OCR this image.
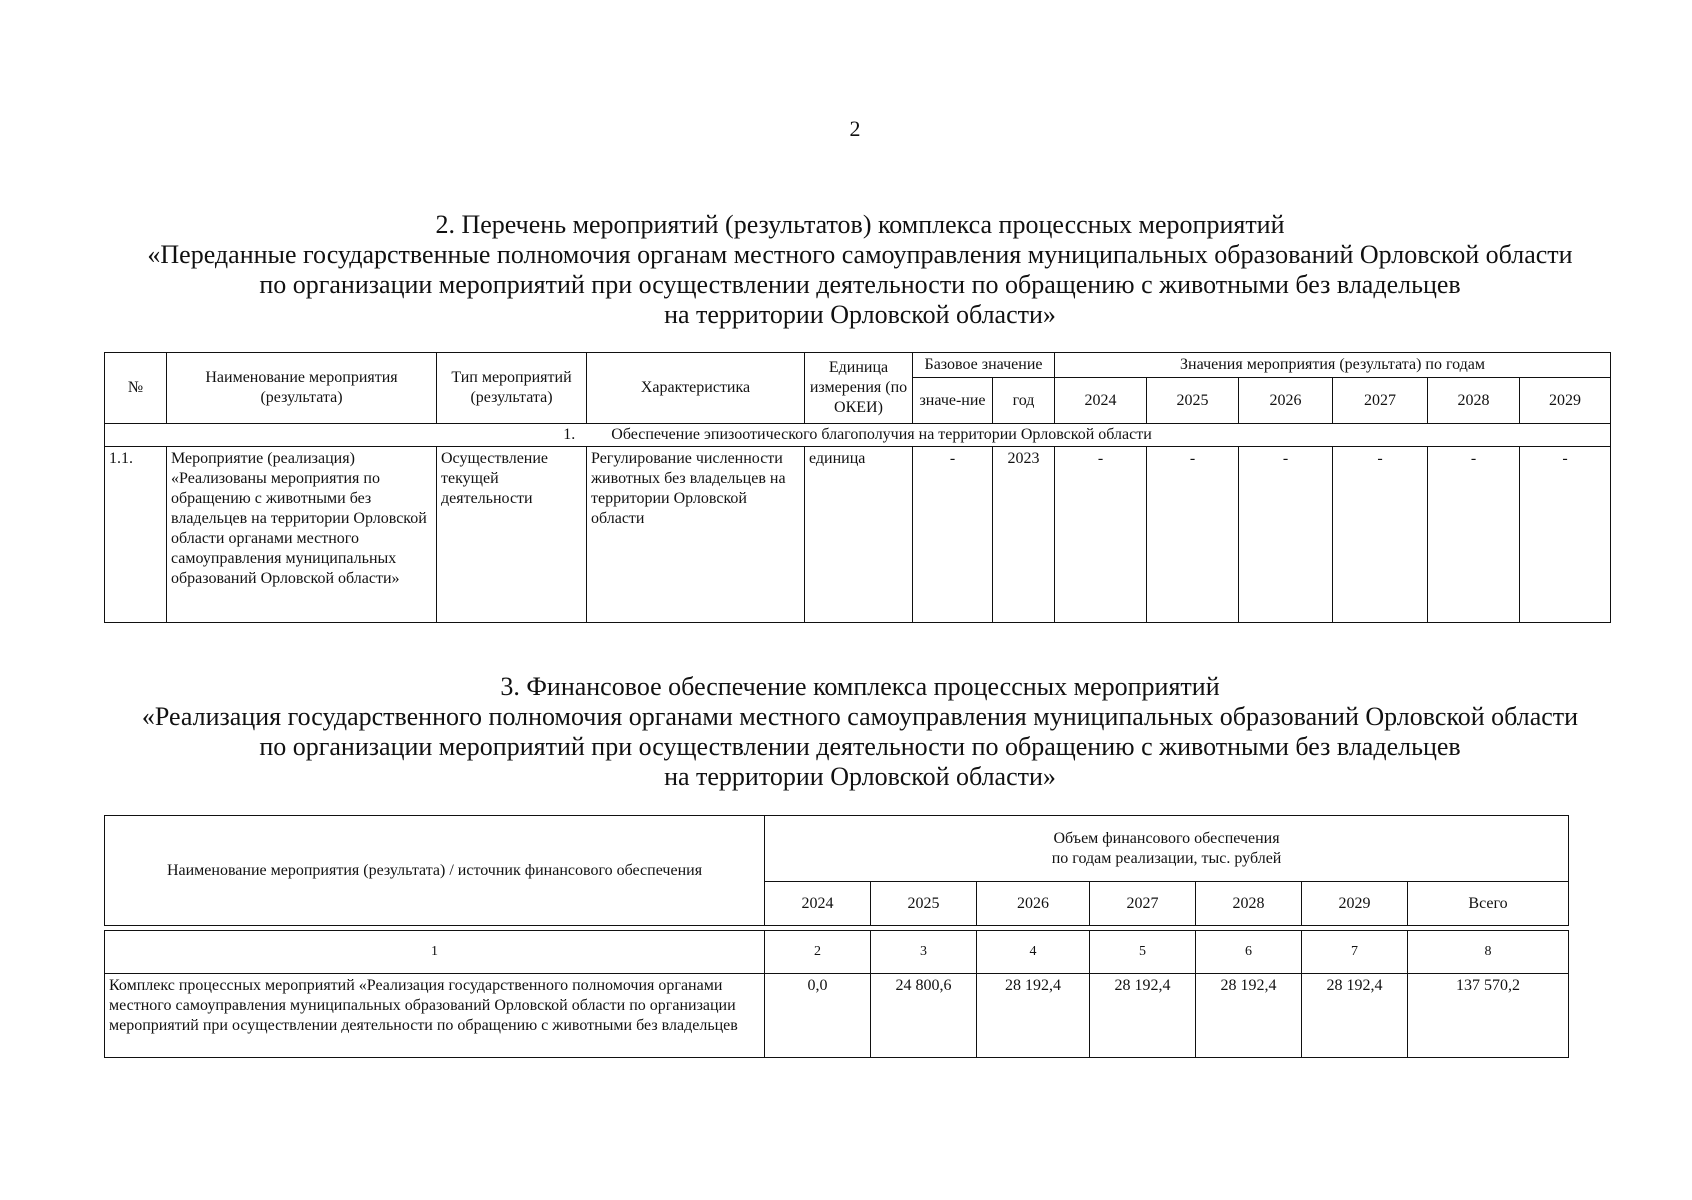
2
2. Перечень мероприятий (результатов) комплекса процессных мероприятий
«Переданные государственные полномочия органам местного самоуправления муниципальных образований Орловской области
по организации мероприятий при осуществлении деятельности по обращению с животными без владельцев
на территории Орловской области»
№	Наименование мероприятия (результата)	Тип мероприятий (результата)	Характеристика	Единица измерения (по ОКЕИ)	Базовое значение		Значения мероприятия (результата) по годам					
					значе-ние	год	2024	2025	2026	2027	2028	2029
1. Обеспечение эпизоотического благополучия на территории Орловской области												
1.1.	Мероприятие (реализация) «Реализованы мероприятия по обращению с животными без владельцев на территории Орловской области органами местного самоуправления муниципальных образований Орловской области»	Осуществление текущей деятельности	Регулирование численности животных без владельцев на территории Орловской области	единица	-	2023	-	-	-	-	-	-
3. Финансовое обеспечение комплекса процессных мероприятий
«Реализация государственного полномочия органами местного самоуправления муниципальных образований Орловской области
по организации мероприятий при осуществлении деятельности по обращению с животными без владельцев
на территории Орловской области»
Наименование мероприятия (результата) / источник финансового обеспечения	Объем финансового обеспечения
по годам реализации, тыс. рублей						

	2024	2025	2026	2027	2028	2029	Всего

1	2	3	4	5	6	7	8
Комплекс процессных мероприятий «Реализация государственного полномочия органами местного самоуправления муниципальных образований Орловской области по организации мероприятий при осуществлении деятельности по обращению с животными без владельцев	0,0	24 800,6	28 192,4	28 192,4	28 192,4	28 192,4	137 570,2
